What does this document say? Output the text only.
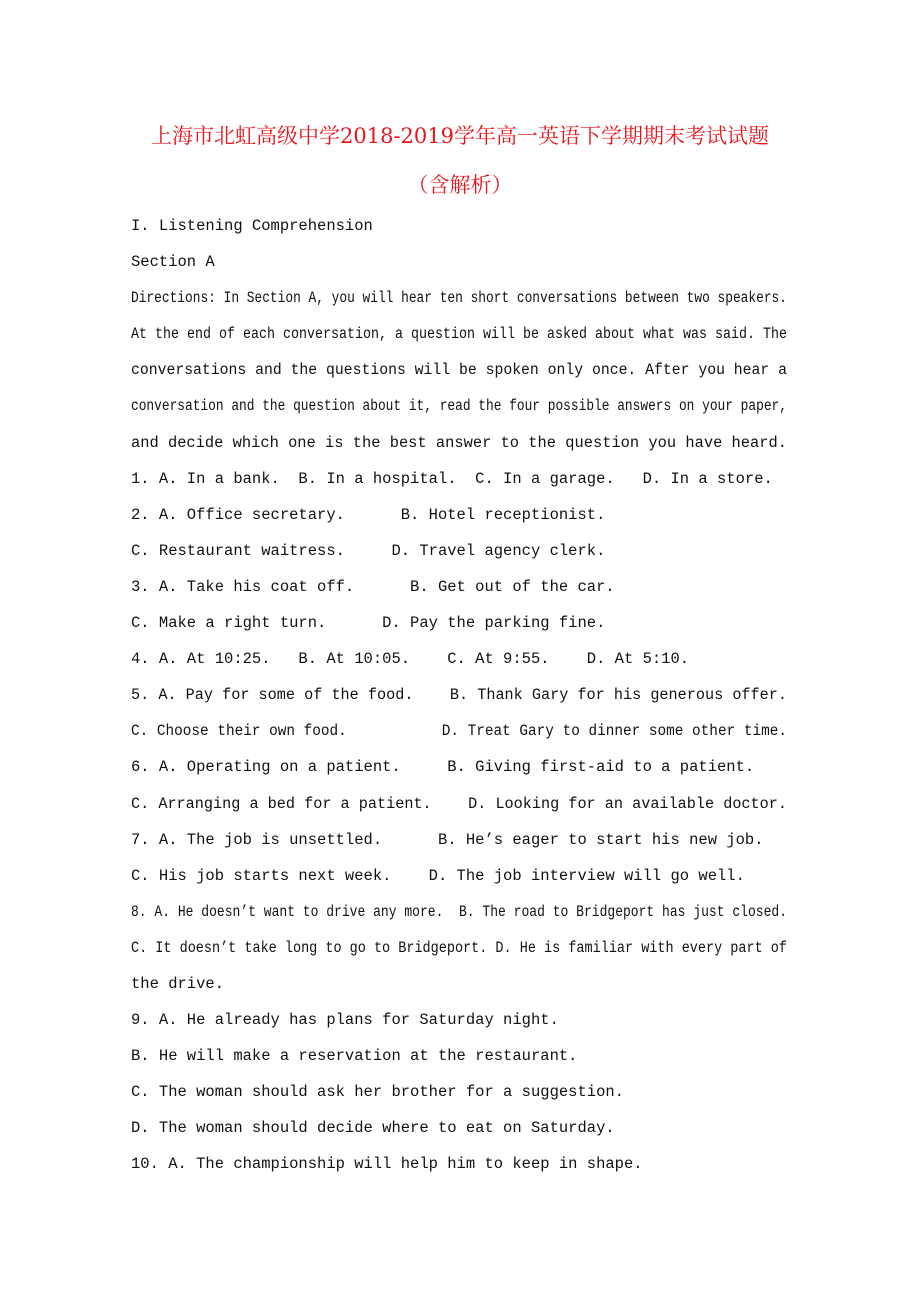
上海市北虹高级中学2018-2019学年高一英语下学期期末考试试题
（含解析）
I. Listening Comprehension
Section A
Directions: In Section A, you will hear ten short conversations between two speakers.
At the end of each conversation, a question will be asked about what was said. The
conversations and the questions will be spoken only once. After you hear a
conversation and the question about it, read the four possible answers on your paper,
and decide which one is the best answer to the question you have heard.
1. A. In a bank.  B. In a hospital.  C. In a garage.   D. In a store.
2. A. Office secretary.      B. Hotel receptionist.
C. Restaurant waitress.     D. Travel agency clerk.
3. A. Take his coat off.      B. Get out of the car.
C. Make a right turn.      D. Pay the parking fine.
4. A. At 10:25.   B. At 10:05.    C. At 9:55.    D. At 5:10.
5. A. Pay for some of the food.    B. Thank Gary for his generous offer.
C. Choose their own food.           D. Treat Gary to dinner some other time.
6. A. Operating on a patient.     B. Giving first-aid to a patient.
C. Arranging a bed for a patient.    D. Looking for an available doctor.
7. A. The job is unsettled.      B. He’s eager to start his new job.
C. His job starts next week.    D. The job interview will go well.
8. A. He doesn’t want to drive any more.  B. The road to Bridgeport has just closed.
C. It doesn’t take long to go to Bridgeport. D. He is familiar with every part of
the drive.
9. A. He already has plans for Saturday night.
B. He will make a reservation at the restaurant.
C. The woman should ask her brother for a suggestion.
D. The woman should decide where to eat on Saturday.
10. A. The championship will help him to keep in shape.
